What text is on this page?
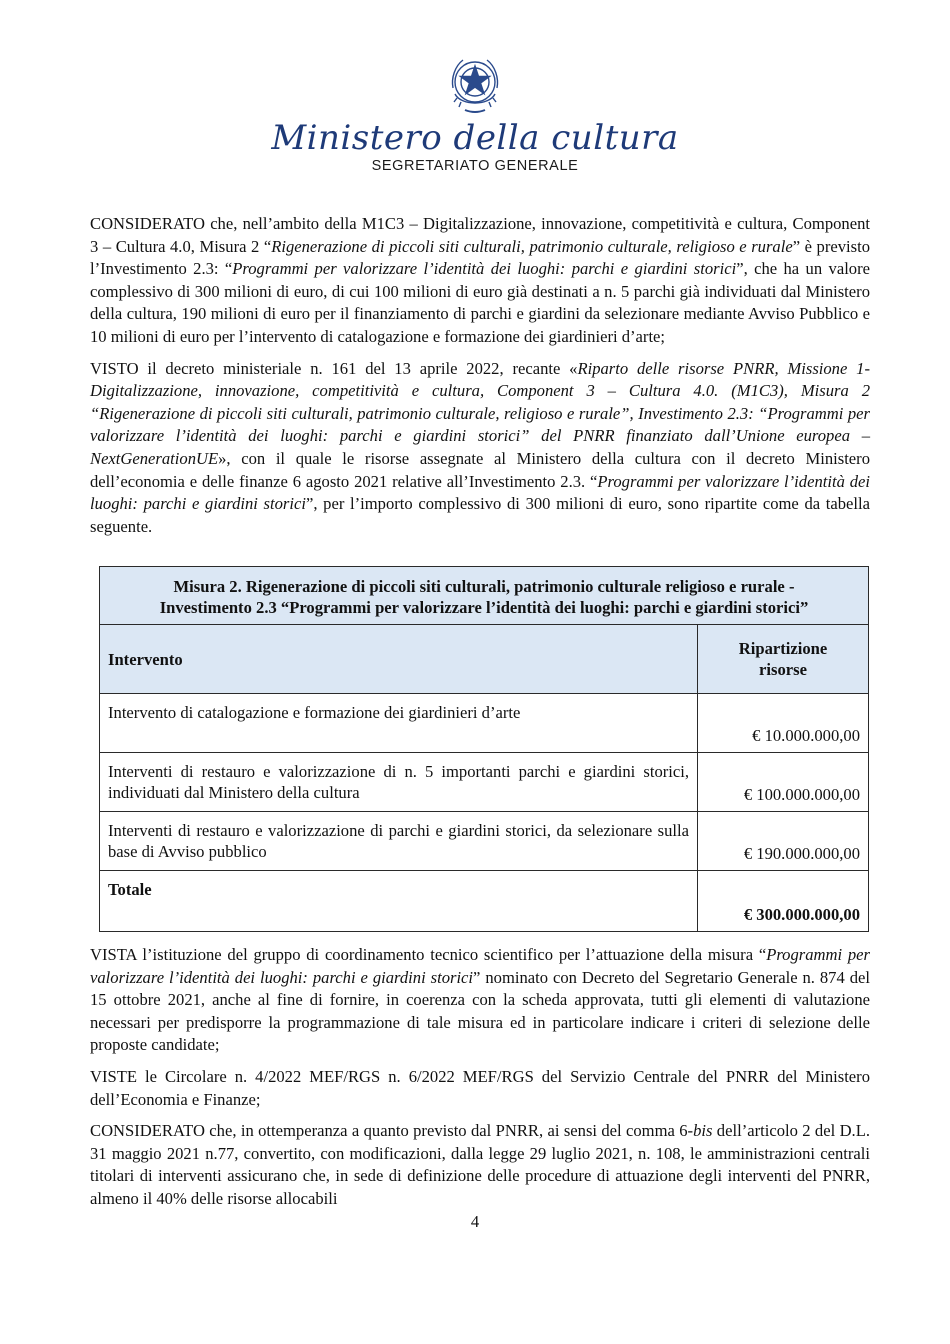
Ministero della cultura
SEGRETARIATO GENERALE

CONSIDERATO che, nell’ambito della M1C3 – Digitalizzazione, innovazione, competitività e cultura, Component 3 – Cultura 4.0, Misura 2 “Rigenerazione di piccoli siti culturali, patrimonio culturale, religioso e rurale” è previsto l’Investimento 2.3: “Programmi per valorizzare l’identità dei luoghi: parchi e giardini storici”, che ha un valore complessivo di 300 milioni di euro, di cui 100 milioni di euro già destinati a n. 5 parchi già individuati dal Ministero della cultura, 190 milioni di euro per il finanziamento di parchi e giardini da selezionare mediante Avviso Pubblico e 10 milioni di euro per l’intervento di catalogazione e formazione dei giardinieri d’arte;

VISTO il decreto ministeriale n. 161 del 13 aprile 2022, recante «Riparto delle risorse PNRR, Missione 1- Digitalizzazione, innovazione, competitività e cultura, Component 3 – Cultura 4.0. (M1C3), Misura 2 “Rigenerazione di piccoli siti culturali, patrimonio culturale, religioso e rurale”, Investimento 2.3: “Programmi per valorizzare l’identità dei luoghi: parchi e giardini storici” del PNRR finanziato dall’Unione europea – NextGenerationUE», con il quale le risorse assegnate al Ministero della cultura con il decreto Ministero dell’economia e delle finanze 6 agosto 2021 relative all’Investimento 2.3. “Programmi per valorizzare l’identità dei luoghi: parchi e giardini storici”, per l’importo complessivo di 300 milioni di euro, sono ripartite come da tabella seguente.

Misura 2. Rigenerazione di piccoli siti culturali, patrimonio culturale religioso e rurale -
Investimento 2.3 “Programmi per valorizzare l’identità dei luoghi: parchi e giardini storici”	
Intervento	Ripartizione
risorse
Intervento di catalogazione e formazione dei giardinieri d’arte	€ 10.000.000,00
Interventi di restauro e valorizzazione di n. 5 importanti parchi e giardini storici, individuati dal Ministero della cultura	€ 100.000.000,00
Interventi di restauro e valorizzazione di parchi e giardini storici, da selezionare sulla base di Avviso pubblico	€ 190.000.000,00
Totale	€ 300.000.000,00

VISTA l’istituzione del gruppo di coordinamento tecnico scientifico per l’attuazione della misura “Programmi per valorizzare l’identità dei luoghi: parchi e giardini storici” nominato con Decreto del Segretario Generale n. 874 del 15 ottobre 2021, anche al fine di fornire, in coerenza con la scheda approvata, tutti gli elementi di valutazione necessari per predisporre la programmazione di tale misura ed in particolare indicare i criteri di selezione delle proposte candidate;

VISTE le Circolare n. 4/2022 MEF/RGS n. 6/2022 MEF/RGS del Servizio Centrale del PNRR del Ministero dell’Economia e Finanze;

CONSIDERATO che, in ottemperanza a quanto previsto dal PNRR, ai sensi del comma 6-bis dell’articolo 2 del D.L. 31 maggio 2021 n.77, convertito, con modificazioni, dalla legge 29 luglio 2021, n. 108, le amministrazioni centrali titolari di interventi assicurano che, in sede di definizione delle procedure di attuazione degli interventi del PNRR, almeno il 40% delle risorse allocabili

4
